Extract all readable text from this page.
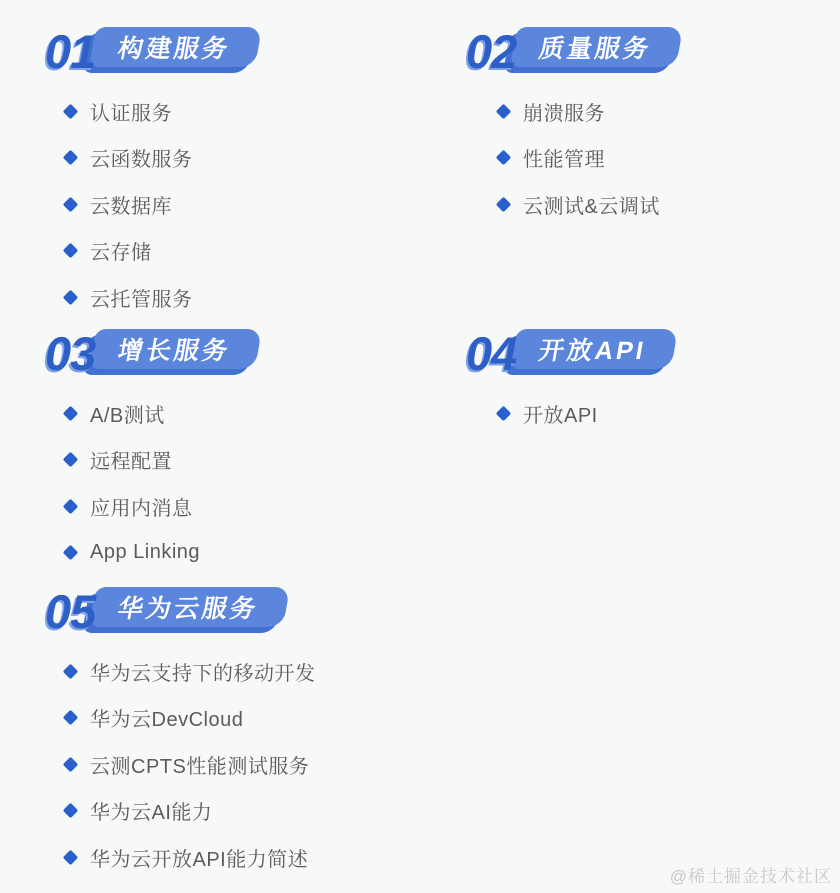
构建服务
01
认证服务
云函数服务
云数据库
云存储
云托管服务
质量服务
02
崩溃服务
性能管理
云测试&云调试
增长服务
03
A/B测试
远程配置
应用内消息
App Linking
开放API
04
开放API
华为云服务
05
华为云支持下的移动开发
华为云DevCloud
云测CPTS性能测试服务
华为云AI能力
华为云开放API能力简述
@稀土掘金技术社区
